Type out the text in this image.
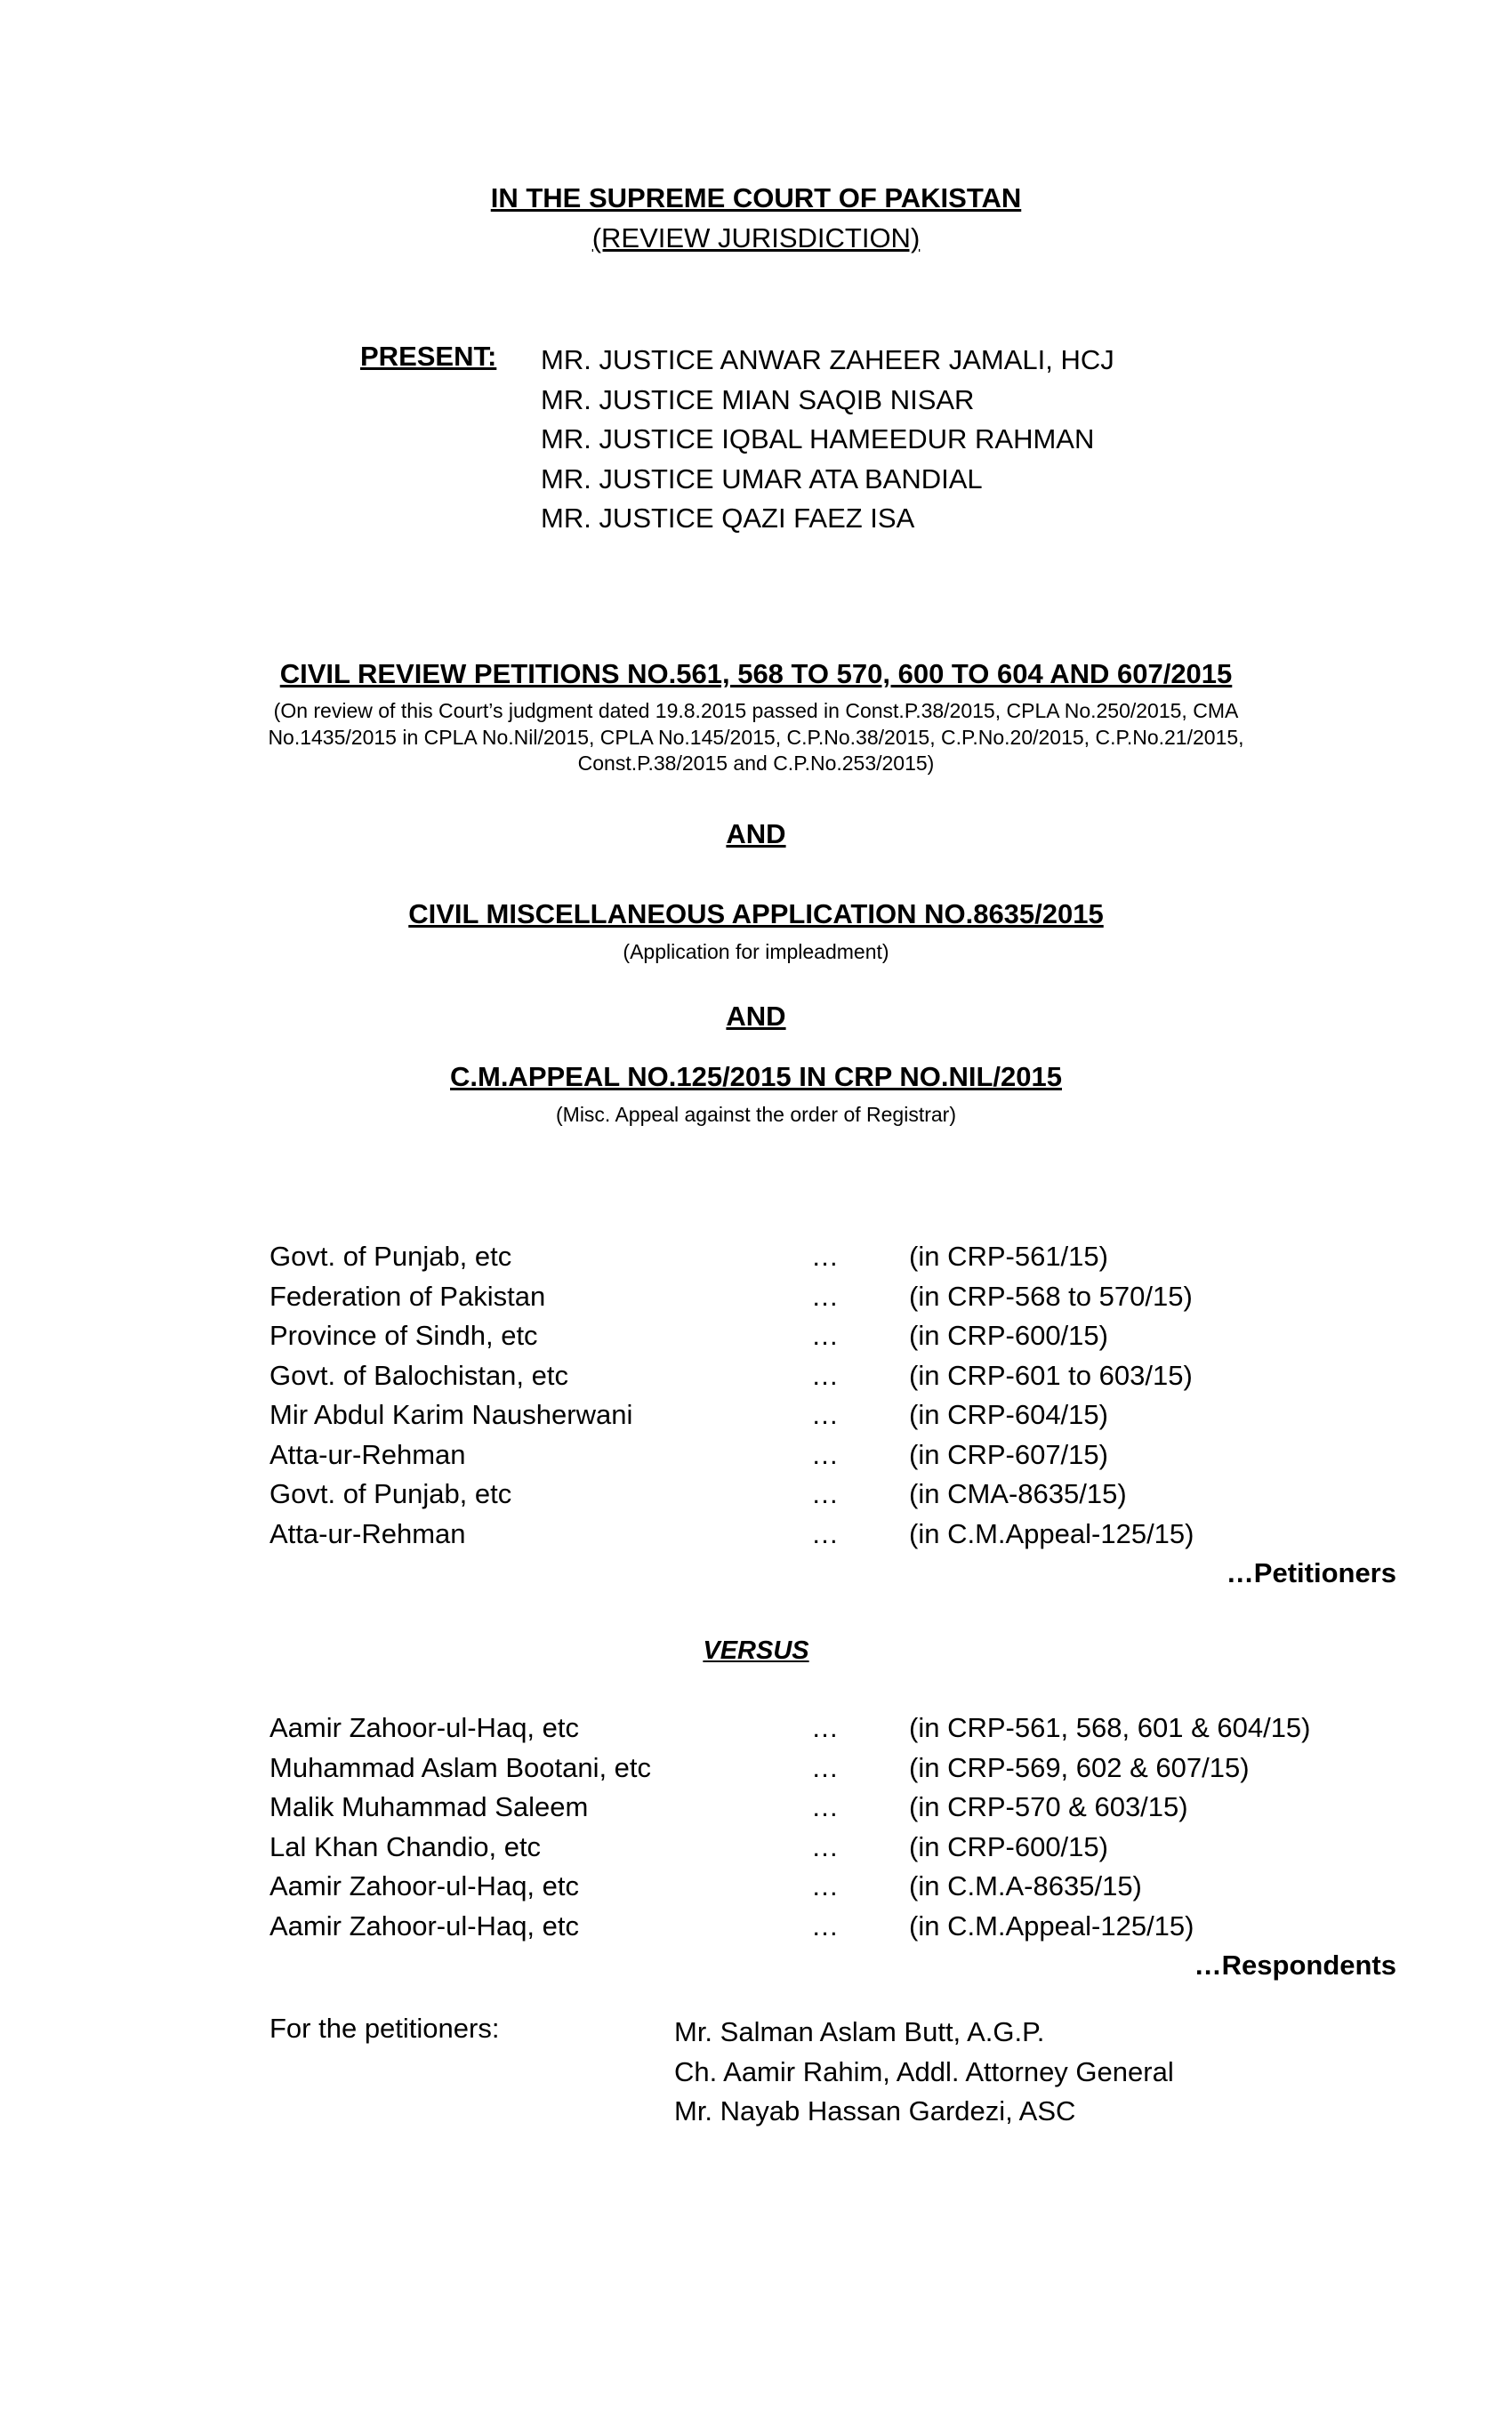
IN THE SUPREME COURT OF PAKISTAN
(REVIEW JURISDICTION)
PRESENT: MR. JUSTICE ANWAR ZAHEER JAMALI, HCJ
MR. JUSTICE MIAN SAQIB NISAR
MR. JUSTICE IQBAL HAMEEDUR RAHMAN
MR. JUSTICE UMAR ATA BANDIAL
MR. JUSTICE QAZI FAEZ ISA
CIVIL REVIEW PETITIONS NO.561, 568 TO 570, 600 TO 604 AND 607/2015
(On review of this Court’s judgment dated 19.8.2015 passed in Const.P.38/2015, CPLA No.250/2015, CMA No.1435/2015 in CPLA No.Nil/2015, CPLA No.145/2015, C.P.No.38/2015, C.P.No.20/2015, C.P.No.21/2015, Const.P.38/2015 and C.P.No.253/2015)
AND
CIVIL MISCELLANEOUS APPLICATION NO.8635/2015
(Application for impleadment)
AND
C.M.APPEAL NO.125/2015 IN CRP NO.NIL/2015
(Misc. Appeal against the order of Registrar)
Govt. of Punjab, etc	…	(in CRP-561/15)
Federation of Pakistan	…	(in CRP-568 to 570/15)
Province of Sindh, etc	…	(in CRP-600/15)
Govt. of Balochistan, etc	…	(in CRP-601 to 603/15)
Mir Abdul Karim Nausherwani	…	(in CRP-604/15)
Atta-ur-Rehman	…	(in CRP-607/15)
Govt. of Punjab, etc	…	(in CMA-8635/15)
Atta-ur-Rehman	…	(in C.M.Appeal-125/15)
…Petitioners
VERSUS
Aamir Zahoor-ul-Haq, etc	…	(in CRP-561, 568, 601 & 604/15)
Muhammad Aslam Bootani, etc	…	(in CRP-569, 602 & 607/15)
Malik Muhammad Saleem	…	(in CRP-570 & 603/15)
Lal Khan Chandio, etc	…	(in CRP-600/15)
Aamir Zahoor-ul-Haq, etc	…	(in C.M.A-8635/15)
Aamir Zahoor-ul-Haq, etc	…	(in C.M.Appeal-125/15)
…Respondents
For the petitioners:	Mr. Salman Aslam Butt, A.G.P.
Ch. Aamir Rahim, Addl. Attorney General
Mr. Nayab Hassan Gardezi, ASC
